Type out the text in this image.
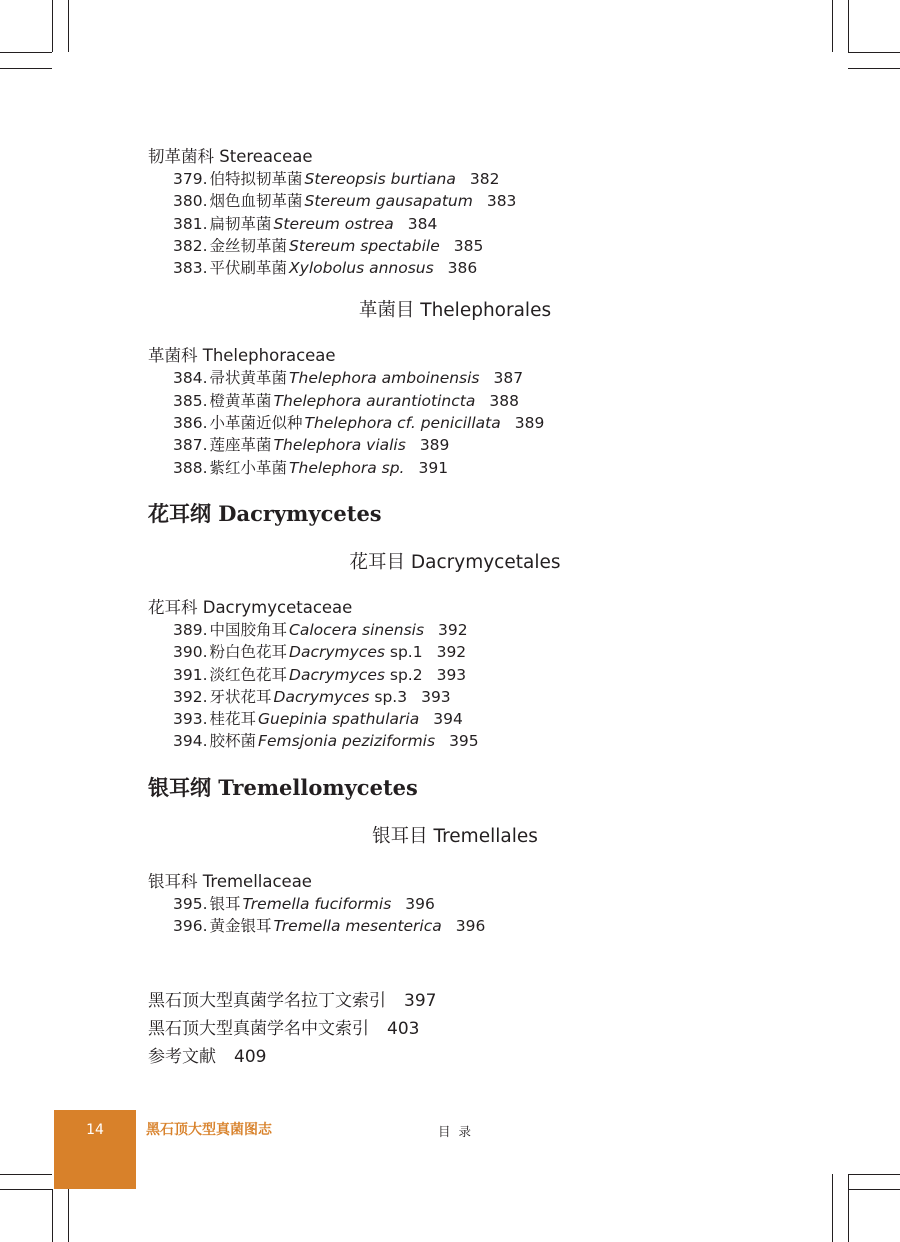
韧革菌科 Stereaceae

379. 伯特拟韧革菌 Stereopsis burtiana 382
380. 烟色血韧革菌 Stereum gausapatum 383
381. 扁韧革菌 Stereum ostrea 384
382. 金丝韧革菌 Stereum spectabile 385
383. 平伏刷革菌 Xylobolus annosus 386

革菌目 Thelephorales

革菌科 Thelephoraceae

384. 帚状黄革菌 Thelephora amboinensis 387
385. 橙黄革菌 Thelephora aurantiotincta 388
386. 小革菌近似种 Thelephora cf. penicillata 389
387. 莲座革菌 Thelephora vialis 389
388. 紫红小革菌 Thelephora sp. 391

花耳纲 Dacrymycetes

花耳目 Dacrymycetales

花耳科 Dacrymycetaceae

389. 中国胶角耳 Calocera sinensis 392
390. 粉白色花耳 Dacrymyces sp.1 392
391. 淡红色花耳 Dacrymyces sp.2 393
392. 牙状花耳 Dacrymyces sp.3 393
393. 桂花耳 Guepinia spathularia 394
394. 胶杯菌 Femsjonia peziziformis 395

银耳纲 Tremellomycetes

银耳目 Tremellales

银耳科 Tremellaceae

395. 银耳 Tremella fuciformis 396
396. 黄金银耳 Tremella mesenterica 396

黑石顶大型真菌学名拉丁文索引 397

黑石顶大型真菌学名中文索引 403

参考文献 409

14	黑石顶大型真菌图志	目录
